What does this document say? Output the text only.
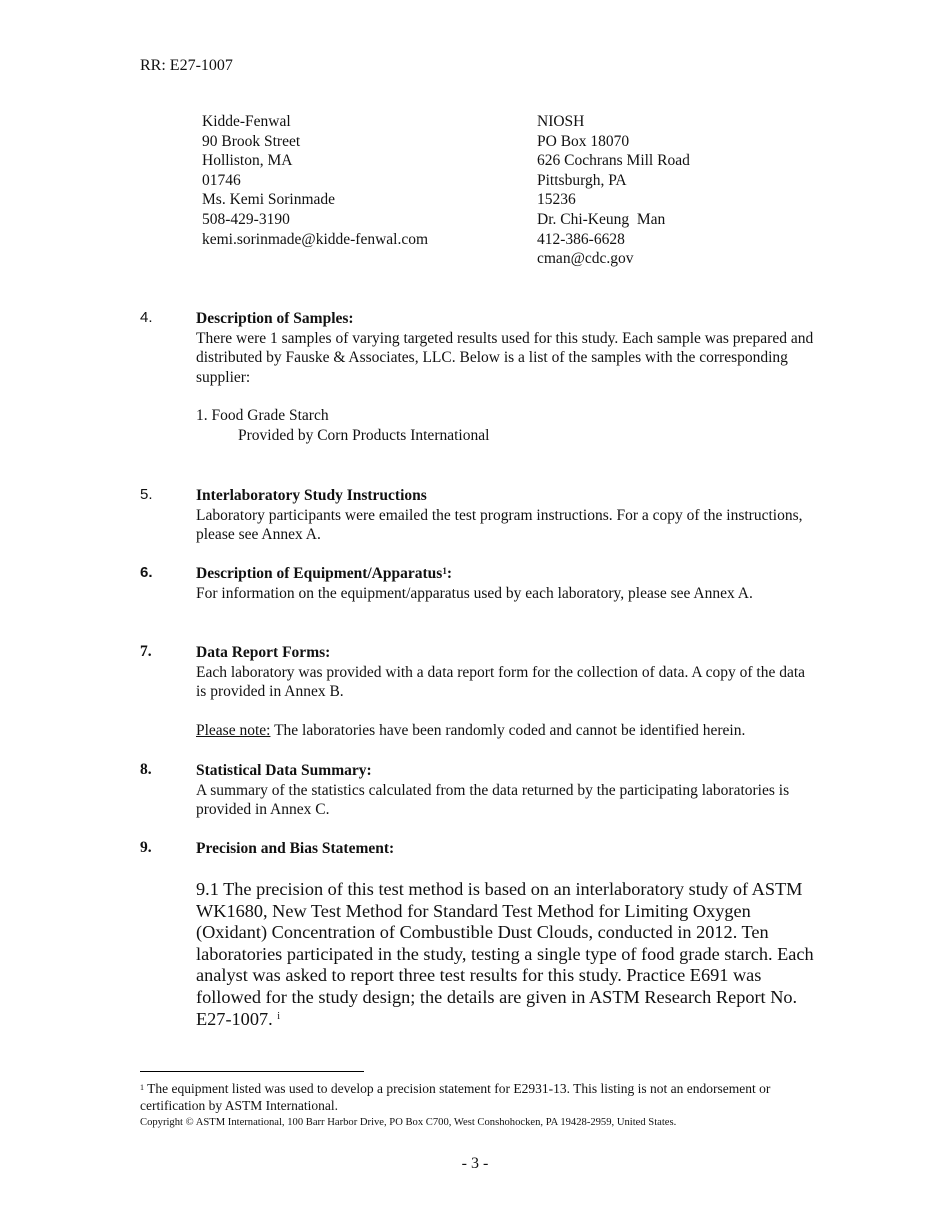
RR: E27-1007
Kidde-Fenwal
90 Brook Street
Holliston, MA
01746
Ms. Kemi Sorinmade
508-429-3190
kemi.sorinmade@kidde-fenwal.com
NIOSH
PO Box 18070
626 Cochrans Mill Road
Pittsburgh, PA
15236
Dr. Chi-Keung  Man
412-386-6628
cman@cdc.gov
4.	Description of Samples:
There were 1 samples of varying targeted results used for this study. Each sample was prepared and distributed by Fauske & Associates, LLC. Below is a list of the samples with the corresponding supplier:
1. Food Grade Starch
Provided by Corn Products International
5.	Interlaboratory Study Instructions
Laboratory participants were emailed the test program instructions. For a copy of the instructions, please see Annex A.
6.	Description of Equipment/Apparatus$^1$:
For information on the equipment/apparatus used by each laboratory, please see Annex A.
7.	Data Report Forms:
Each laboratory was provided with a data report form for the collection of data. A copy of the data is provided in Annex B.
Please note: The laboratories have been randomly coded and cannot be identified herein.
8.	Statistical Data Summary:
A summary of the statistics calculated from the data returned by the participating laboratories is provided in Annex C.
9.	Precision and Bias Statement:
9.1 The precision of this test method is based on an interlaboratory study of ASTM WK1680, New Test Method for Standard Test Method for Limiting Oxygen (Oxidant) Concentration of Combustible Dust Clouds, conducted in 2012. Ten laboratories participated in the study, testing a single type of food grade starch. Each analyst was asked to report three test results for this study. Practice E691 was followed for the study design; the details are given in ASTM Research Report No. E27-1007. $^i$
$^1$ The equipment listed was used to develop a precision statement for E2931-13. This listing is not an endorsement or certification by ASTM International.
Copyright © ASTM International, 100 Barr Harbor Drive, PO Box C700, West Conshohocken, PA 19428-2959, United States.
- 3 -
